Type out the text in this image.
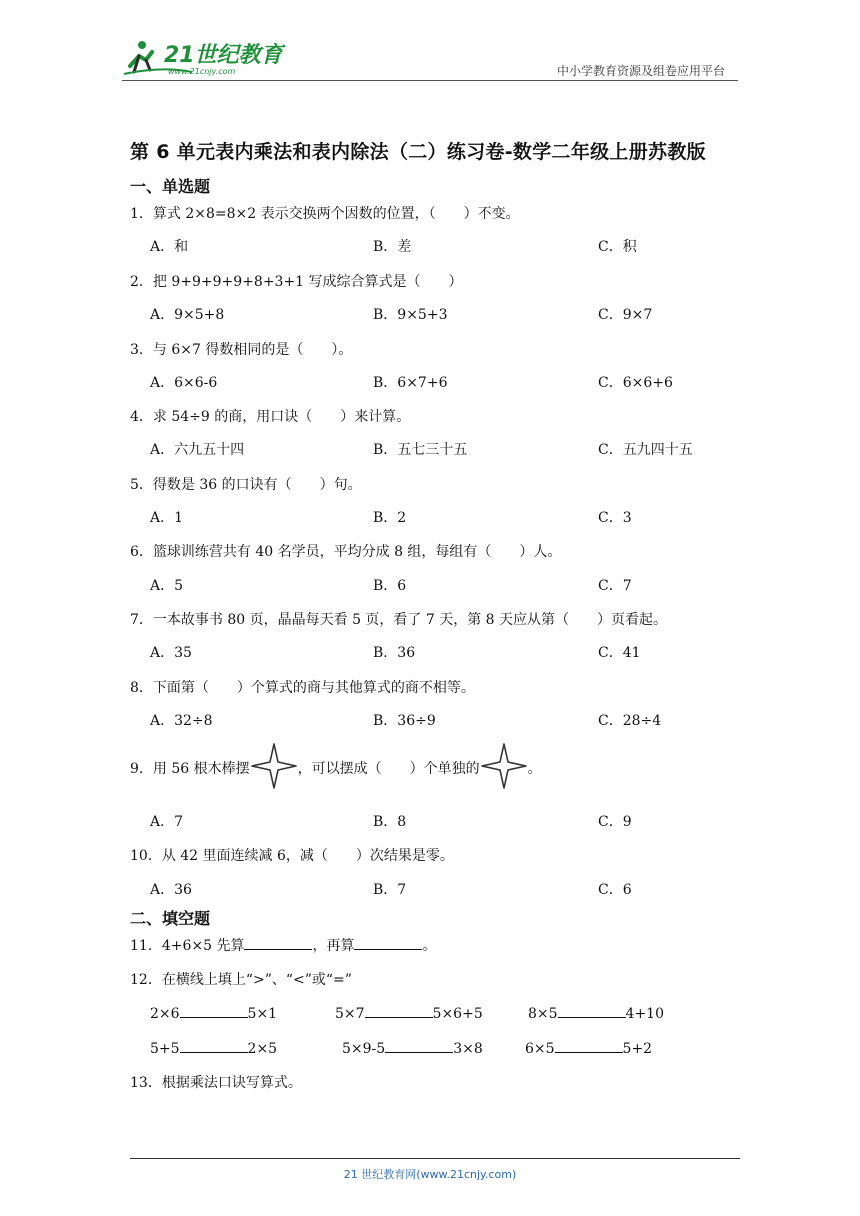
21世纪教育
www.21cnjy.com	中小学教育资源及组卷应用平台
第 6 单元表内乘法和表内除法（二）练习卷-数学二年级上册苏教版
一、单选题
1．算式 2×8=8×2 表示交换两个因数的位置，（　　）不变。
A．和	B．差	C．积
2．把 9+9+9+9+8+3+1 写成综合算式是（　　）
A．9×5+8	B．9×5+3	C．9×7
3．与 6×7 得数相同的是（　　）。
A．6×6-6	B．6×7+6	C．6×6+6
4．求 54÷9 的商，用口诀（　　）来计算。
A．六九五十四	B．五七三十五	C．五九四十五
5．得数是 36 的口诀有（　　）句。
A．1	B．2	C．3
6．篮球训练营共有 40 名学员，平均分成 8 组，每组有（　　）人。
A．5	B．6	C．7
7．一本故事书 80 页，晶晶每天看 5 页，看了 7 天，第 8 天应从第（　　）页看起。
A．35	B．36	C．41
8．下面第（　　）个算式的商与其他算式的商不相等。
A．32÷8	B．36÷9	C．28÷4
9．用 56 根木棒摆	，可以摆成（　　）个单独的	。
A．7	B．8	C．9
10．从 42 里面连续减 6，减（　　）次结果是零。
A．36	B．7	C．6
二、填空题
11．4+6×5 先算	，再算	。
12．在横线上填上“>”、“<”或“=”
2×6	5×1	5×7	5×6+5	8×5	4+10
5+5	2×5	5×9-5	3×8	6×5	5+2
13．根据乘法口诀写算式。
21 世纪教育网(www.21cnjy.com)
